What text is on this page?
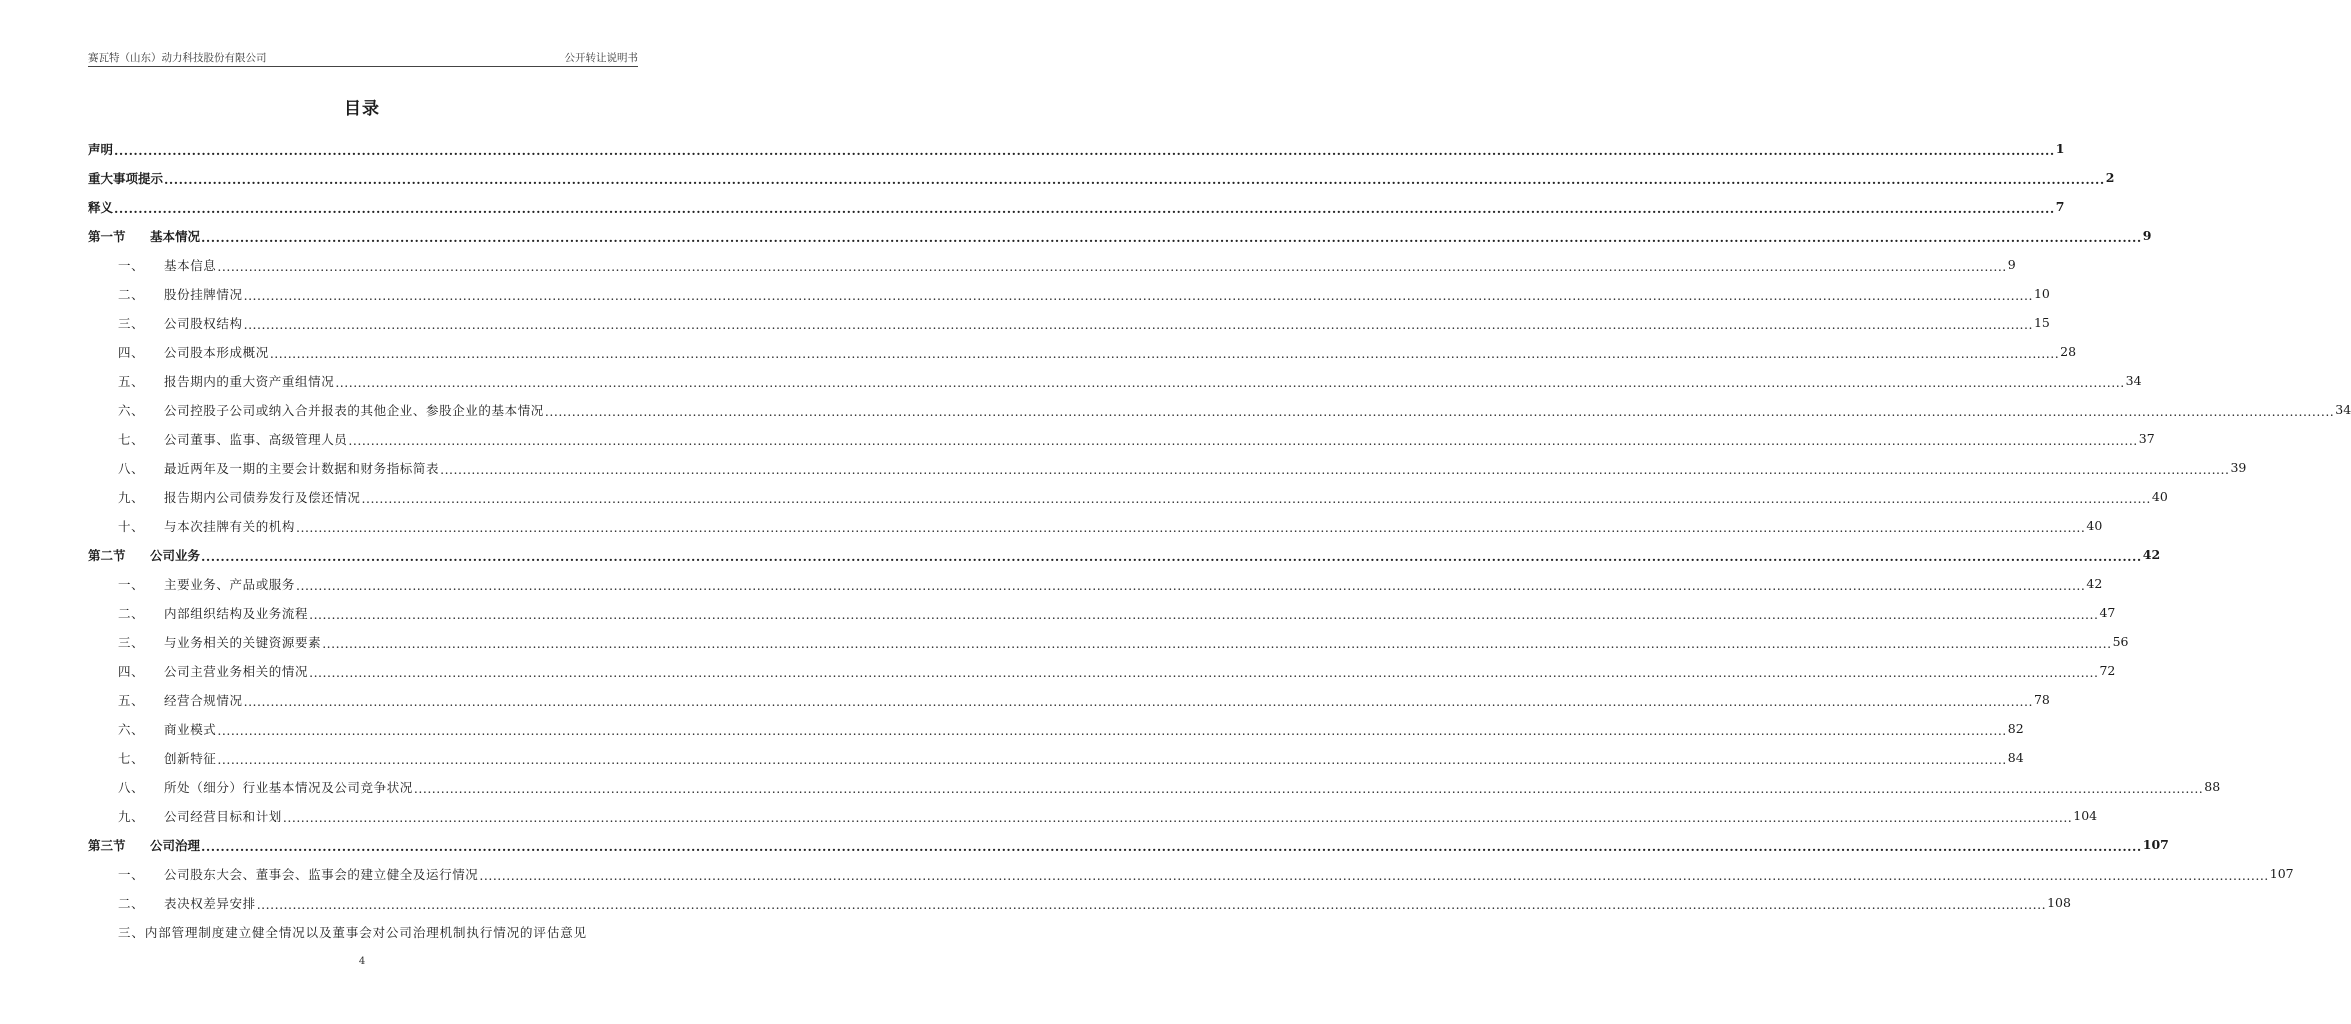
赛瓦特（山东）动力科技股份有限公司	公开转让说明书
目录
声明 ................................................................................................................................................................................................................................................................................................................................................................................................................ 1
重大事项提示 ................................................................................................................................................................................................................................................................................................................................................................................................................ 2
释义 ................................................................................................................................................................................................................................................................................................................................................................................................................ 7
第一节	基本情况 ................................................................................................................................................................................................................................................................................................................................................................................................................ 9
一、	基本信息 ................................................................................................................................................................................................................................................................................................................................................................................................................ 9
二、	股份挂牌情况 ................................................................................................................................................................................................................................................................................................................................................................................................................ 10
三、	公司股权结构 ................................................................................................................................................................................................................................................................................................................................................................................................................ 15
四、	公司股本形成概况 ................................................................................................................................................................................................................................................................................................................................................................................................................ 28
五、	报告期内的重大资产重组情况 ................................................................................................................................................................................................................................................................................................................................................................................................................ 34
六、	公司控股子公司或纳入合并报表的其他企业、参股企业的基本情况 ................................................................................................................................................................................................................................................................................................................................................................................................................ 34
七、	公司董事、监事、高级管理人员 ................................................................................................................................................................................................................................................................................................................................................................................................................ 37
八、	最近两年及一期的主要会计数据和财务指标简表 ................................................................................................................................................................................................................................................................................................................................................................................................................ 39
九、	报告期内公司债券发行及偿还情况 ................................................................................................................................................................................................................................................................................................................................................................................................................ 40
十、	与本次挂牌有关的机构 ................................................................................................................................................................................................................................................................................................................................................................................................................ 40
第二节	公司业务 ................................................................................................................................................................................................................................................................................................................................................................................................................ 42
一、	主要业务、产品或服务 ................................................................................................................................................................................................................................................................................................................................................................................................................ 42
二、	内部组织结构及业务流程 ................................................................................................................................................................................................................................................................................................................................................................................................................ 47
三、	与业务相关的关键资源要素 ................................................................................................................................................................................................................................................................................................................................................................................................................ 56
四、	公司主营业务相关的情况 ................................................................................................................................................................................................................................................................................................................................................................................................................ 72
五、	经营合规情况 ................................................................................................................................................................................................................................................................................................................................................................................................................ 78
六、	商业模式 ................................................................................................................................................................................................................................................................................................................................................................................................................ 82
七、	创新特征 ................................................................................................................................................................................................................................................................................................................................................................................................................ 84
八、	所处（细分）行业基本情况及公司竞争状况 ................................................................................................................................................................................................................................................................................................................................................................................................................ 88
九、	公司经营目标和计划 ................................................................................................................................................................................................................................................................................................................................................................................................................ 104
第三节	公司治理 ................................................................................................................................................................................................................................................................................................................................................................................................................ 107
一、	公司股东大会、董事会、监事会的建立健全及运行情况 ................................................................................................................................................................................................................................................................................................................................................................................................................ 107
二、	表决权差异安排 ................................................................................................................................................................................................................................................................................................................................................................................................................ 108
三、 内部管理制度建立健全情况以及董事会对公司治理机制执行情况的评估意见
4
